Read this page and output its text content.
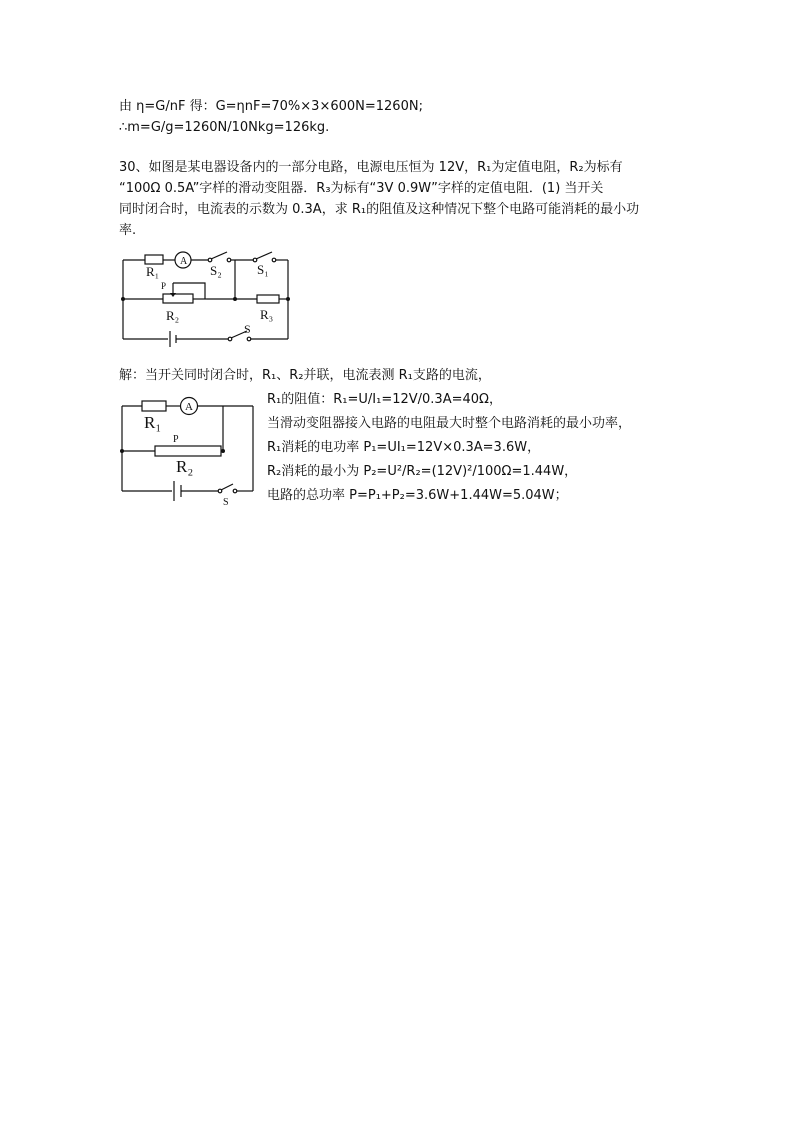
由 η=G/nF 得：G=ηnF=70%×3×600N=1260N;
∴m=G/g=1260N/10Nkg=126kg.
30、如图是某电器设备内的一部分电路，电源电压恒为 12V，R₁为定值电阻，R₂为标有
“100Ω 0.5A”字样的滑动变阻器．R₃为标有“3V 0.9W”字样的定值电阻．(1) 当开关
同时闭合时，电流表的示数为 0.3A，求 R₁的阻值及这种情况下整个电路可能消耗的最小功
率.
R₁
A
S₂	S₁
P
R₂	R₃
S
解：当开关同时闭合时，R₁、R₂并联，电流表测 R₁支路的电流，
R₁
A
P
R₂
S
R₁的阻值：R₁=U/I₁=12V/0.3A=40Ω，
当滑动变阻器接入电路的电阻最大时整个电路消耗的最小功率，
R₁消耗的电功率 P₁=UI₁=12V×0.3A=3.6W，
R₂消耗的最小为 P₂=U²/R₂=(12V)²/100Ω=1.44W，
电路的总功率 P=P₁+P₂=3.6W+1.44W=5.04W；
